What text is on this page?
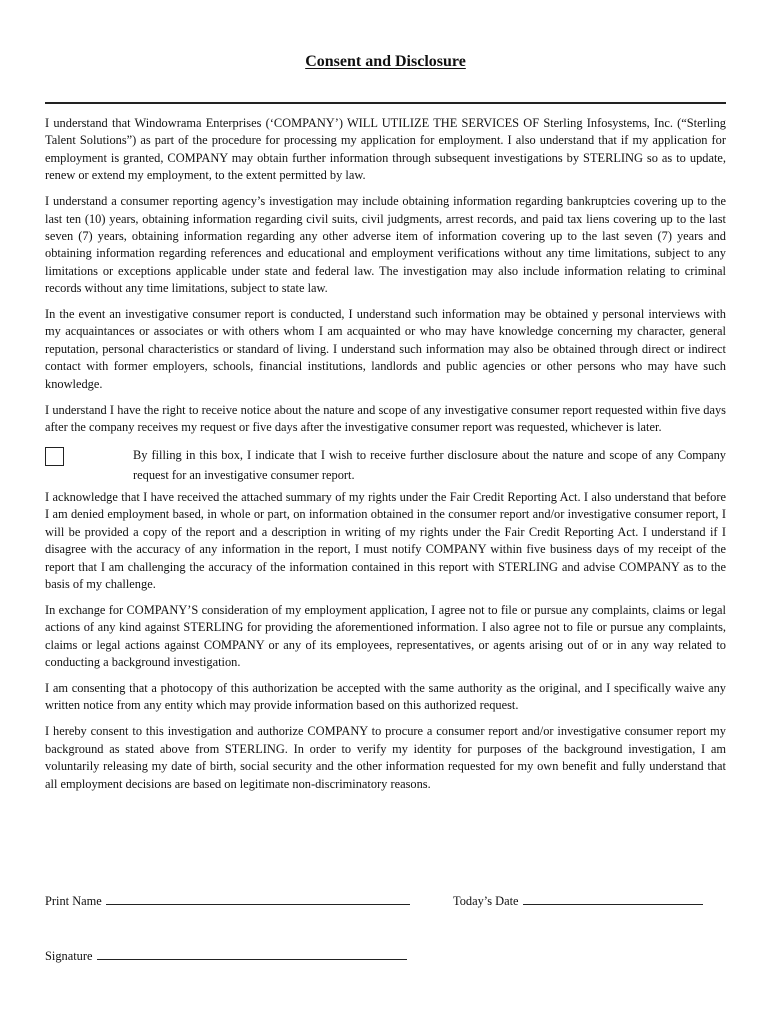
Consent and Disclosure

I understand that Windowrama Enterprises (‘COMPANY’) WILL UTILIZE THE SERVICES OF Sterling Infosystems, Inc. (“Sterling Talent Solutions”) as part of the procedure for processing my application for employment. I also understand that if my application for employment is granted, COMPANY may obtain further information through subsequent investigations by STERLING so as to update, renew or extend my employment, to the extent permitted by law.

I understand a consumer reporting agency’s investigation may include obtaining information regarding bankruptcies covering up to the last ten (10) years, obtaining information regarding civil suits, civil judgments, arrest records, and paid tax liens covering up to the last seven (7) years, obtaining information regarding any other adverse item of information covering up to the last seven (7) years and obtaining information regarding references and educational and employment verifications without any time limitations, subject to any limitations or exceptions applicable under state and federal law. The investigation may also include information relating to criminal records without any time limitations, subject to state law.

In the event an investigative consumer report is conducted, I understand such information may be obtained y personal interviews with my acquaintances or associates or with others whom I am acquainted or who may have knowledge concerning my character, general reputation, personal characteristics or standard of living. I understand such information may also be obtained through direct or indirect contact with former employers, schools, financial institutions, landlords and public agencies or other persons who may have such knowledge.

I understand I have the right to receive notice about the nature and scope of any investigative consumer report requested within five days after the company receives my request or five days after the investigative consumer report was requested, whichever is later.

By filling in this box, I indicate that I wish to receive further disclosure about the nature and scope of any Company request for an investigative consumer report.

I acknowledge that I have received the attached summary of my rights under the Fair Credit Reporting Act. I also understand that before I am denied employment based, in whole or part, on information obtained in the consumer report and/or investigative consumer report, I will be provided a copy of the report and a description in writing of my rights under the Fair Credit Reporting Act. I understand if I disagree with the accuracy of any information in the report, I must notify COMPANY within five business days of my receipt of the report that I am challenging the accuracy of the information contained in this report with STERLING and advise COMPANY as to the basis of my challenge.

In exchange for COMPANY’S consideration of my employment application, I agree not to file or pursue any complaints, claims or legal actions of any kind against STERLING for providing the aforementioned information. I also agree not to file or pursue any complaints, claims or legal actions against COMPANY or any of its employees, representatives, or agents arising out of or in any way related to conducting a background investigation.

I am consenting that a photocopy of this authorization be accepted with the same authority as the original, and I specifically waive any written notice from any entity which may provide information based on this authorized request.

I hereby consent to this investigation and authorize COMPANY to procure a consumer report and/or investigative consumer report my background as stated above from STERLING. In order to verify my identity for purposes of the background investigation, I am voluntarily releasing my date of birth, social security and the other information requested for my own benefit and fully understand that all employment decisions are based on legitimate non-discriminatory reasons.

Print Name	Today’s Date
Signature
